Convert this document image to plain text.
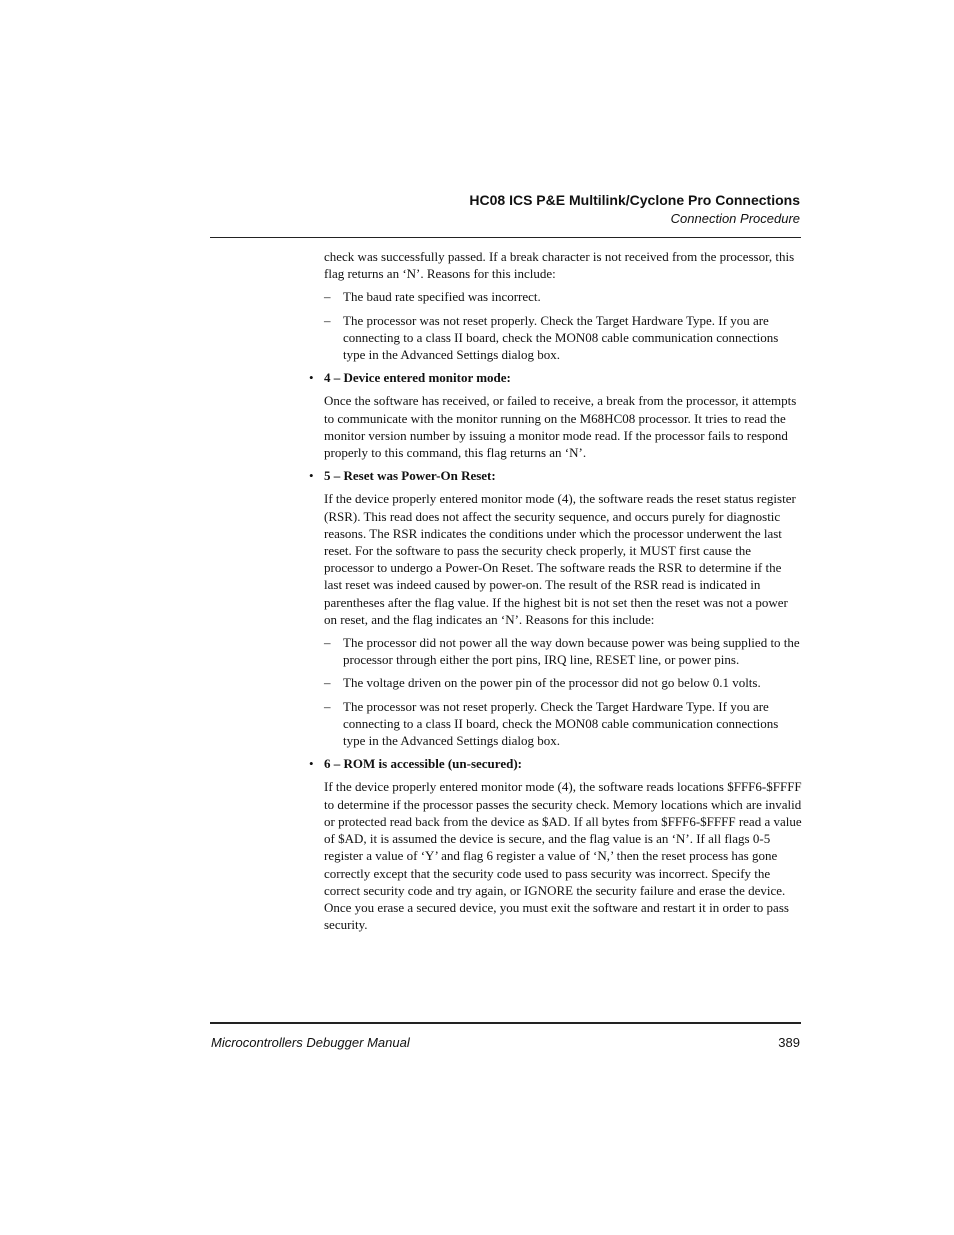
HC08 ICS P&E Multilink/Cyclone Pro Connections
Connection Procedure

check was successfully passed. If a break character is not received from the processor, this flag returns an ‘N’. Reasons for this include:

– The baud rate specified was incorrect.
– The processor was not reset properly. Check the Target Hardware Type. If you are connecting to a class II board, check the MON08 cable communication connections type in the Advanced Settings dialog box.
• 4 – Device entered monitor mode:

Once the software has received, or failed to receive, a break from the processor, it attempts to communicate with the monitor running on the M68HC08 processor. It tries to read the monitor version number by issuing a monitor mode read. If the processor fails to respond properly to this command, this flag returns an ‘N’.

• 5 – Reset was Power-On Reset:

If the device properly entered monitor mode (4), the software reads the reset status register (RSR). This read does not affect the security sequence, and occurs purely for diagnostic reasons. The RSR indicates the conditions under which the processor underwent the last reset. For the software to pass the security check properly, it MUST first cause the processor to undergo a Power-On Reset. The software reads the RSR to determine if the last reset was indeed caused by power-on. The result of the RSR read is indicated in parentheses after the flag value. If the highest bit is not set then the reset was not a power on reset, and the flag indicates an ‘N’. Reasons for this include:

– The processor did not power all the way down because power was being supplied to the processor through either the port pins, IRQ line, RESET line, or power pins.
– The voltage driven on the power pin of the processor did not go below 0.1 volts.
– The processor was not reset properly. Check the Target Hardware Type. If you are connecting to a class II board, check the MON08 cable communication connections type in the Advanced Settings dialog box.
• 6 – ROM is accessible (un-secured):

If the device properly entered monitor mode (4), the software reads locations $FFF6-$FFFF to determine if the processor passes the security check. Memory locations which are invalid or protected read back from the device as $AD. If all bytes from $FFF6-$FFFF read a value of $AD, it is assumed the device is secure, and the flag value is an ‘N’. If all flags 0-5 register a value of ‘Y’ and flag 6 register a value of ‘N,’ then the reset process has gone correctly except that the security code used to pass security was incorrect. Specify the correct security code and try again, or IGNORE the security failure and erase the device. Once you erase a secured device, you must exit the software and restart it in order to pass security.

Microcontrollers Debugger Manual	389
